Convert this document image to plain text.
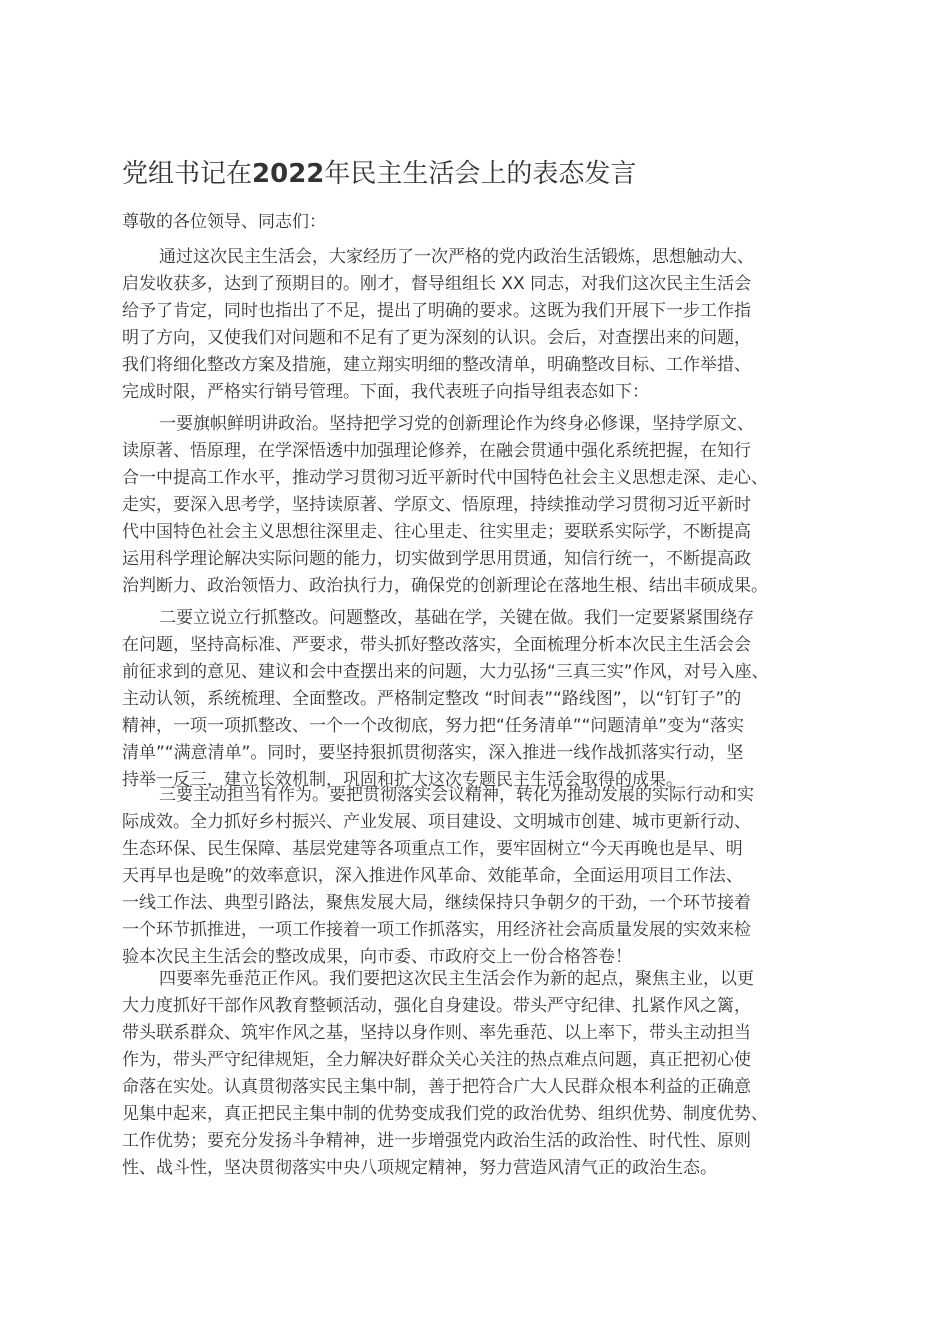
党组书记在2022年民主生活会上的表态发言

尊敬的各位领导、同志们：

通过这次民主生活会，大家经历了一次严格的党内政治生活锻炼，思想触动大、
启发收获多，达到了预期目的。刚才，督导组组长 XX 同志，对我们这次民主生活会
给予了肯定，同时也指出了不足，提出了明确的要求。这既为我们开展下一步工作指
明了方向，又使我们对问题和不足有了更为深刻的认识。会后，对查摆出来的问题，
我们将细化整改方案及措施，建立翔实明细的整改清单，明确整改目标、工作举措、
完成时限，严格实行销号管理。下面，我代表班子向指导组表态如下：

一要旗帜鲜明讲政治。坚持把学习党的创新理论作为终身必修课，坚持学原文、
读原著、悟原理，在学深悟透中加强理论修养，在融会贯通中强化系统把握，在知行
合一中提高工作水平，推动学习贯彻习近平新时代中国特色社会主义思想走深、走心、
走实，要深入思考学，坚持读原著、学原文、悟原理，持续推动学习贯彻习近平新时
代中国特色社会主义思想往深里走、往心里走、往实里走；要联系实际学，不断提高
运用科学理论解决实际问题的能力，切实做到学思用贯通，知信行统一，不断提高政
治判断力、政治领悟力、政治执行力，确保党的创新理论在落地生根、结出丰硕成果。

二要立说立行抓整改。问题整改，基础在学，关键在做。我们一定要紧紧围绕存
在问题，坚持高标准、严要求，带头抓好整改落实，全面梳理分析本次民主生活会会
前征求到的意见、建议和会中查摆出来的问题，大力弘扬“三真三实”作风，对号入座、
主动认领，系统梳理、全面整改。严格制定整改 “时间表”“路线图”，以“钉钉子”的
精神，一项一项抓整改、一个一个改彻底，努力把“任务清单”“问题清单”变为“落实
清单”“满意清单”。同时，要坚持狠抓贯彻落实，深入推进一线作战抓落实行动，坚
持举一反三，建立长效机制，巩固和扩大这次专题民主生活会取得的成果。

三要主动担当有作为。要把贯彻落实会议精神，转化为推动发展的实际行动和实
际成效。全力抓好乡村振兴、产业发展、项目建设、文明城市创建、城市更新行动、
生态环保、民生保障、基层党建等各项重点工作，要牢固树立“今天再晚也是早、明
天再早也是晚”的效率意识，深入推进作风革命、效能革命，全面运用项目工作法、
一线工作法、典型引路法，聚焦发展大局，继续保持只争朝夕的干劲，一个环节接着
一个环节抓推进，一项工作接着一项工作抓落实，用经济社会高质量发展的实效来检
验本次民主生活会的整改成果，向市委、市政府交上一份合格答卷！

四要率先垂范正作风。我们要把这次民主生活会作为新的起点，聚焦主业，以更
大力度抓好干部作风教育整顿活动，强化自身建设。带头严守纪律、扎紧作风之篱，
带头联系群众、筑牢作风之基，坚持以身作则、率先垂范、以上率下，带头主动担当
作为，带头严守纪律规矩，全力解决好群众关心关注的热点难点问题，真正把初心使
命落在实处。认真贯彻落实民主集中制，善于把符合广大人民群众根本利益的正确意
见集中起来，真正把民主集中制的优势变成我们党的政治优势、组织优势、制度优势、
工作优势；要充分发扬斗争精神，进一步增强党内政治生活的政治性、时代性、原则
性、战斗性，坚决贯彻落实中央八项规定精神，努力营造风清气正的政治生态。
